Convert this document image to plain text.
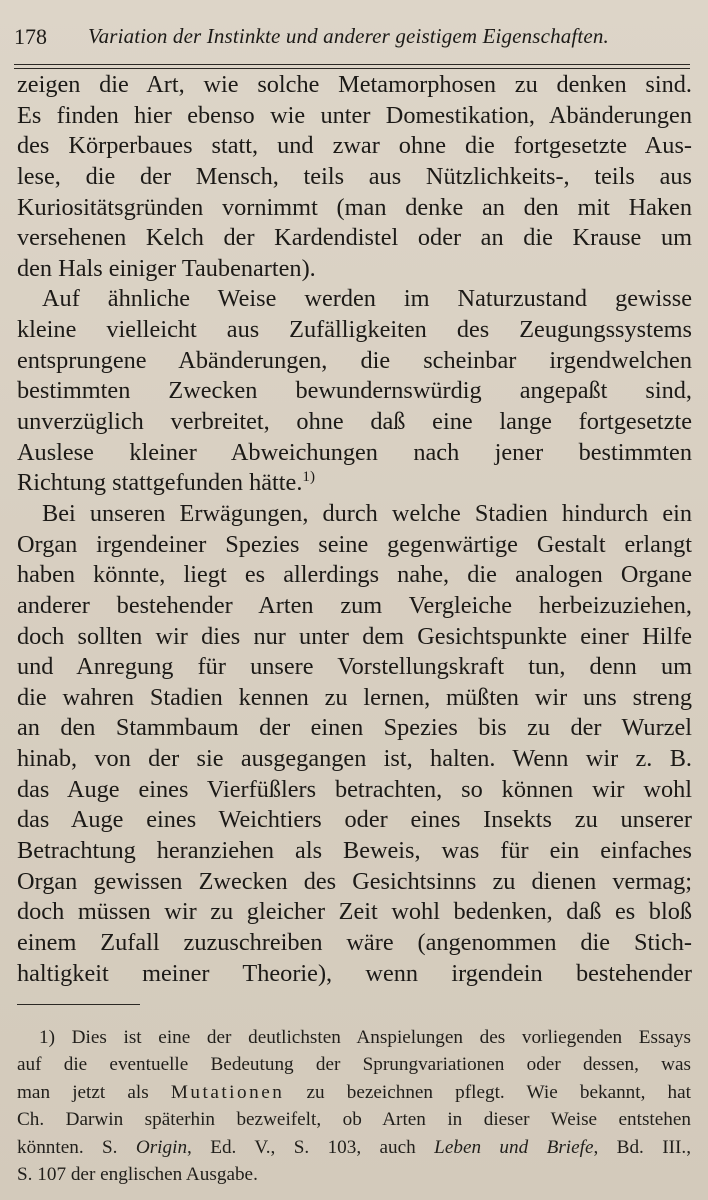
178 Variation der Instinkte und anderer geistigeт Eigenschaften.
zeigen die Art, wie solche Metamorphosen zu denken sind.
Es finden hier ebenso wie unter Domestikation, Abänderungen
des Körperbaues statt, und zwar ohne die fortgesetzte Aus-
lese, die der Mensch, teils aus Nützlichkeits-, teils aus
Kuriositätsgründen vornimmt (man denke an den mit Haken
versehenen Kelch der Kardendistel oder an die Krause um
den Hals einiger Taubenarten).
Auf ähnliche Weise werden im Naturzustand gewisse
kleine vielleicht aus Zufälligkeiten des Zeugungssystems
entsprungene Abänderungen, die scheinbar irgendwelchen
bestimmten Zwecken bewundernswürdig angepaßt sind,
unverzüglich verbreitet, ohne daß eine lange fortgesetzte
Auslese kleiner Abweichungen nach jener bestimmten
Richtung stattgefunden hätte.$^{1)}$
Bei unseren Erwägungen, durch welche Stadien hindurch ein
Organ irgendeiner Spezies seine gegenwärtige Gestalt erlangt
haben könnte, liegt es allerdings nahe, die analogen Organe
anderer bestehender Arten zum Vergleiche herbeizuziehen,
doch sollten wir dies nur unter dem Gesichtspunkte einer Hilfe
und Anregung für unsere Vorstellungskraft tun, denn um
die wahren Stadien kennen zu lernen, müßten wir uns streng
an den Stammbaum der einen Spezies bis zu der Wurzel
hinab, von der sie ausgegangen ist, halten. Wenn wir z. B.
das Auge eines Vierfüßlers betrachten, so können wir wohl
das Auge eines Weichtiers oder eines Insekts zu unserer
Betrachtung heranziehen als Beweis, was für ein einfaches
Organ gewissen Zwecken des Gesichtsinns zu dienen vermag;
doch müssen wir zu gleicher Zeit wohl bedenken, daß es bloß
einem Zufall zuzuschreiben wäre (angenommen die Stich-
haltigkeit meiner Theorie), wenn irgendein bestehender
1) Dies ist eine der deutlichsten Anspielungen des vorliegenden Essays
auf die eventuelle Bedeutung der Sprungvariationen oder dessen, was
man jetzt als Mutationen zu bezeichnen pflegt. Wie bekannt, hat
Ch. Darwin späterhin bezweifelt, ob Arten in dieser Weise entstehen
könnten. S. Origin, Ed. V., S. 103, auch Leben und Briefe, Bd. III.,
S. 107 der englischen Ausgabe.
